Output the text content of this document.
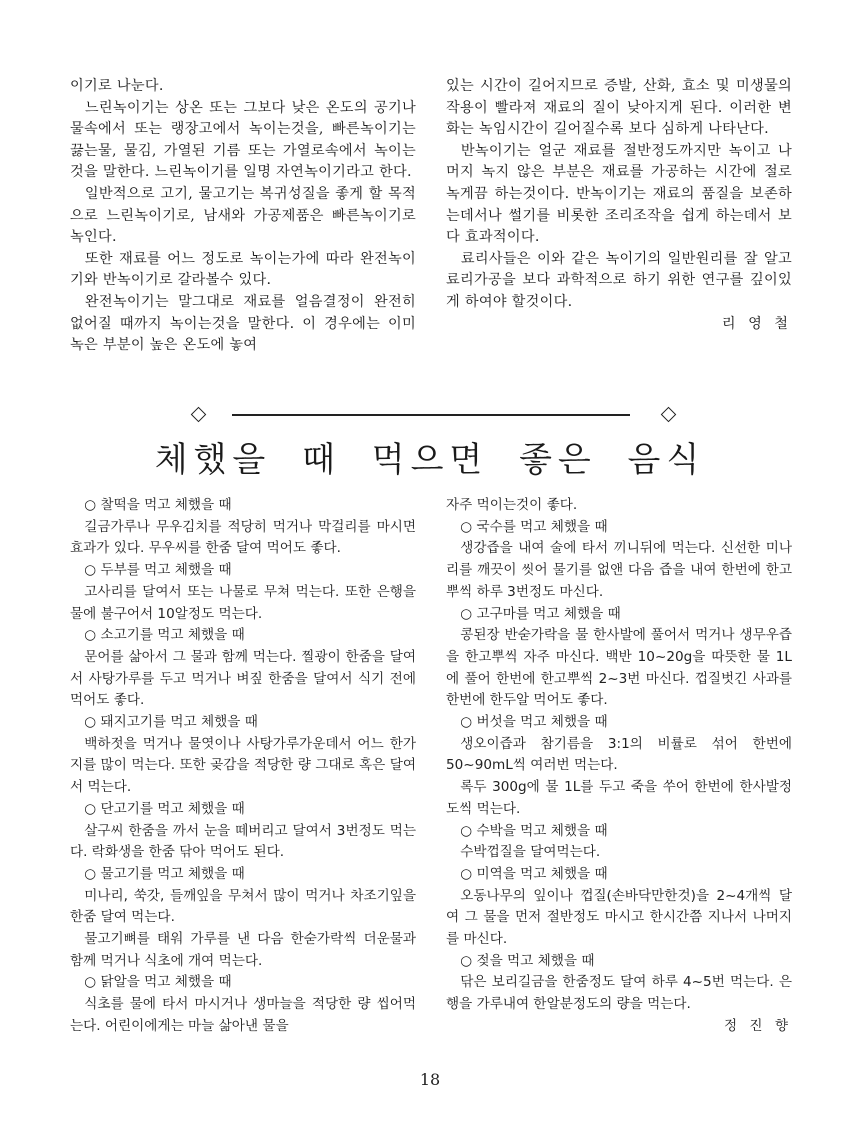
이기로 나눈다.

느린녹이기는 상온 또는 그보다 낮은 온도의 공기나 물속에서 또는 랭장고에서 녹이는것을, 빠른녹이기는 끓는물, 물김, 가열된 기름 또는 가열로속에서 녹이는것을 말한다. 느린녹이기를 일명 자연녹이기라고 한다.

일반적으로 고기, 물고기는 복귀성질을 좋게 할 목적으로 느린녹이기로, 남새와 가공제품은 빠른녹이기로 녹인다.

또한 재료를 어느 정도로 녹이는가에 따라 완전녹이기와 반녹이기로 갈라볼수 있다.

완전녹이기는 말그대로 재료를 얼음결정이 완전히 없어질 때까지 녹이는것을 말한다. 이 경우에는 이미 녹은 부분이 높은 온도에 놓여

있는 시간이 길어지므로 증발, 산화, 효소 및 미생물의 작용이 빨라져 재료의 질이 낮아지게 된다. 이러한 변화는 녹임시간이 길어질수록 보다 심하게 나타난다.

반녹이기는 얼군 재료를 절반정도까지만 녹이고 나머지 녹지 않은 부분은 재료를 가공하는 시간에 절로 녹게끔 하는것이다. 반녹이기는 재료의 품질을 보존하는데서나 썰기를 비롯한 조리조작을 쉽게 하는데서 보다 효과적이다.

료리사들은 이와 같은 녹이기의 일반원리를 잘 알고 료리가공을 보다 과학적으로 하기 위한 연구를 깊이있게 하여야 할것이다.

리 영 철

체했을 때 먹으면 좋은 음식

○ 찰떡을 먹고 체했을 때

길금가루나 무우김치를 적당히 먹거나 막걸리를 마시면 효과가 있다. 무우씨를 한줌 달여 먹어도 좋다.

○ 두부를 먹고 체했을 때

고사리를 달여서 또는 나물로 무쳐 먹는다. 또한 은행을 물에 불구어서 10알정도 먹는다.

○ 소고기를 먹고 체했을 때

문어를 삶아서 그 물과 함께 먹는다. 찔광이 한줌을 달여서 사탕가루를 두고 먹거나 벼짚 한줌을 달여서 식기 전에 먹어도 좋다.

○ 돼지고기를 먹고 체했을 때

백하젓을 먹거나 물엿이나 사탕가루가운데서 어느 한가지를 많이 먹는다. 또한 곶감을 적당한 량 그대로 혹은 달여서 먹는다.

○ 단고기를 먹고 체했을 때

살구씨 한줌을 까서 눈을 떼버리고 달여서 3번정도 먹는다. 락화생을 한줌 닦아 먹어도 된다.

○ 물고기를 먹고 체했을 때

미나리, 쑥갓, 들깨잎을 무쳐서 많이 먹거나 차조기잎을 한줌 달여 먹는다.

물고기뼈를 태워 가루를 낸 다음 한숟가락씩 더운물과 함께 먹거나 식초에 개여 먹는다.

○ 닭알을 먹고 체했을 때

식초를 물에 타서 마시거나 생마늘을 적당한 량 씹어먹는다. 어린이에게는 마늘 삶아낸 물을

자주 먹이는것이 좋다.

○ 국수를 먹고 체했을 때

생강즙을 내여 술에 타서 끼니뒤에 먹는다. 신선한 미나리를 깨끗이 씻어 물기를 없앤 다음 즙을 내여 한번에 한고뿌씩 하루 3번정도 마신다.

○ 고구마를 먹고 체했을 때

콩된장 반숟가락을 물 한사발에 풀어서 먹거나 생무우즙을 한고뿌씩 자주 마신다. 백반 10~20g을 따뜻한 물 1L에 풀어 한번에 한고뿌씩 2~3번 마신다. 껍질벗긴 사과를 한번에 한두알 먹어도 좋다.

○ 버섯을 먹고 체했을 때

생오이즙과 참기름을 3:1의 비률로 섞어 한번에 50~90mL씩 여러번 먹는다.

록두 300g에 물 1L를 두고 죽을 쑤어 한번에 한사발정도씩 먹는다.

○ 수박을 먹고 체했을 때

수박껍질을 달여먹는다.

○ 미역을 먹고 체했을 때

오동나무의 잎이나 껍질(손바닥만한것)을 2~4개씩 달여 그 물을 먼저 절반정도 마시고 한시간쯤 지나서 나머지를 마신다.

○ 젖을 먹고 체했을 때

닦은 보리길금을 한줌정도 달여 하루 4~5번 먹는다. 은행을 가루내여 한알분정도의 량을 먹는다.

정 진 향

18
